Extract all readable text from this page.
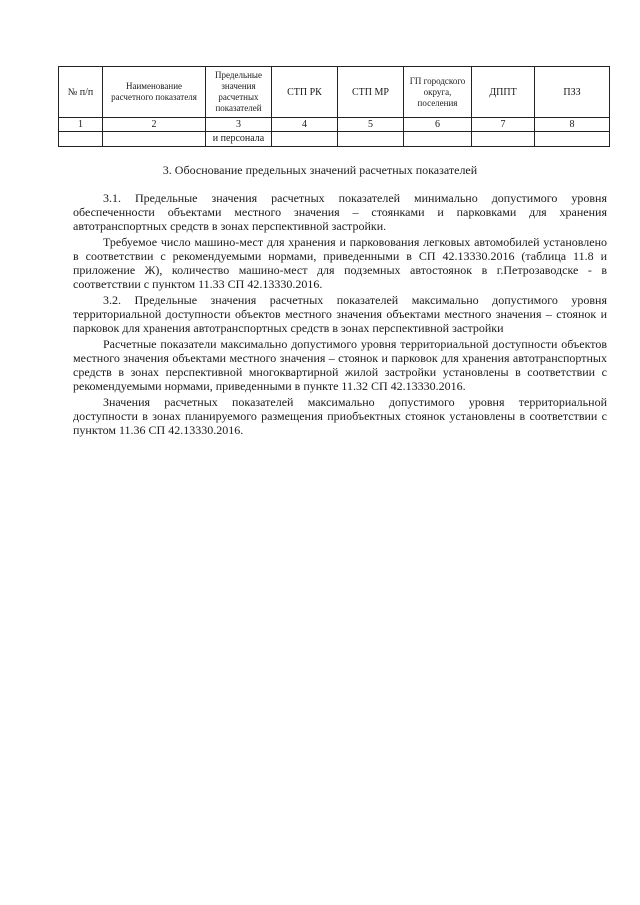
№ п/п	Наименование расчетного показателя	Предельные значения расчетных показателей	СТП РК	СТП МР	ГП городского округа, поселения	ДППТ	ПЗЗ
1	2	3	4	5	6	7	8
		и персонала					
3. Обоснование предельных значений расчетных показателей

3.1. Предельные значения расчетных показателей минимально допустимого уровня обеспеченности объектами местного значения – стоянками и парковками для хранения автотранспортных средств в зонах перспективной застройки.

Требуемое число машино-мест для хранения и парковования легковых автомобилей установлено в соответствии с рекомендуемыми нормами, приведенными в СП 42.13330.2016 (таблица 11.8 и приложение Ж), количество машино-мест для подземных автостоянок в г.Петрозаводске - в соответствии с пунктом 11.33 СП 42.13330.2016.

3.2. Предельные значения расчетных показателей максимально допустимого уровня территориальной доступности объектов местного значения объектами местного значения – стоянок и парковок для хранения автотранспортных средств в зонах перспективной застройки

Расчетные показатели максимально допустимого уровня территориальной доступности объектов местного значения объектами местного значения – стоянок и парковок для хранения автотранспортных средств в зонах перспективной многоквартирной жилой застройки установлены в соответствии с рекомендуемыми нормами, приведенными в пункте 11.32 СП 42.13330.2016.

Значения расчетных показателей максимально допустимого уровня территориальной доступности в зонах планируемого размещения приобъектных стоянок установлены в соответствии с пунктом 11.36 СП 42.13330.2016.
